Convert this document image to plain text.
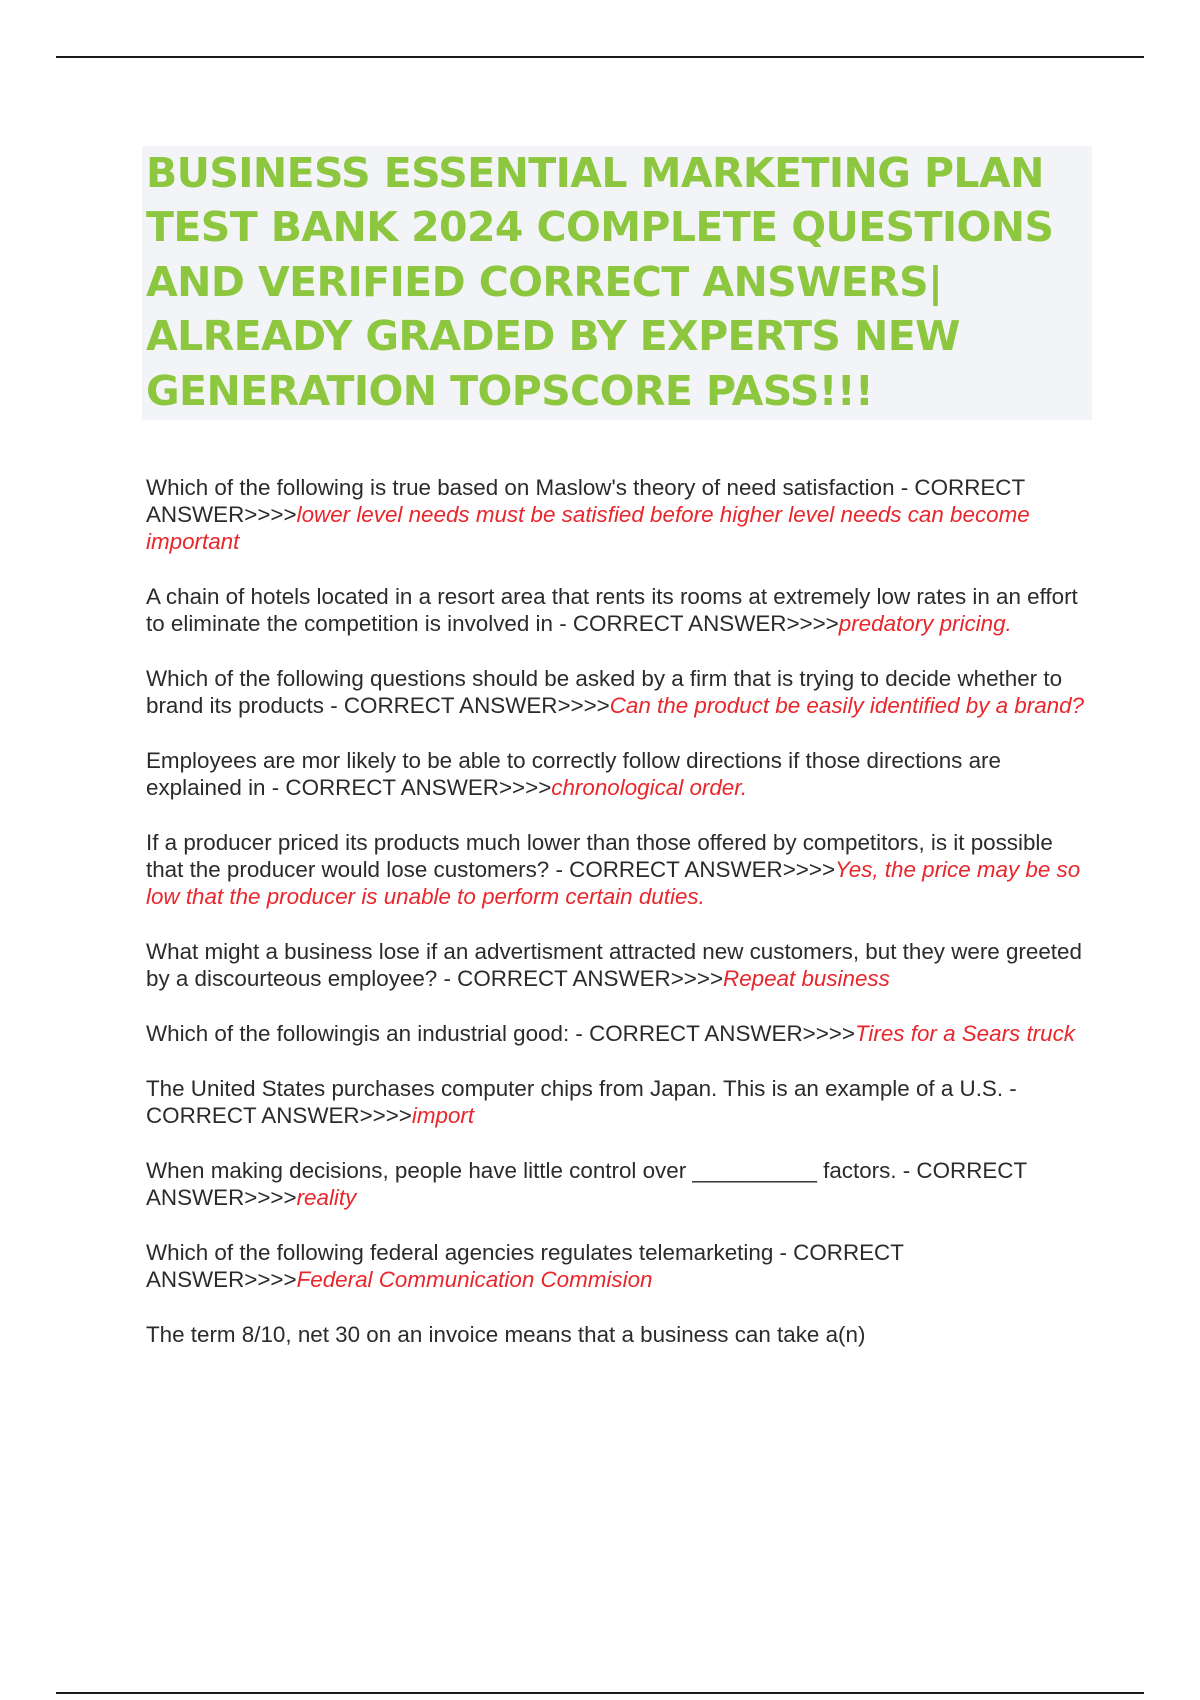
BUSINESS ESSENTIAL MARKETING PLAN TEST BANK 2024 COMPLETE QUESTIONS AND VERIFIED CORRECT ANSWERS| ALREADY GRADED BY EXPERTS NEW GENERATION TOPSCORE PASS!!!

Which of the following is true based on Maslow's theory of need satisfaction - CORRECT ANSWER>>>>lower level needs must be satisfied before higher level needs can become important

A chain of hotels located in a resort area that rents its rooms at extremely low rates in an effort to eliminate the competition is involved in - CORRECT ANSWER>>>>predatory pricing.

Which of the following questions should be asked by a firm that is trying to decide whether to brand its products - CORRECT ANSWER>>>>Can the product be easily identified by a brand?

Employees are mor likely to be able to correctly follow directions if those directions are explained in - CORRECT ANSWER>>>>chronological order.

If a producer priced its products much lower than those offered by competitors, is it possible that the producer would lose customers? - CORRECT ANSWER>>>>Yes, the price may be so low that the producer is unable to perform certain duties.

What might a business lose if an advertisment attracted new customers, but they were greeted by a discourteous employee? - CORRECT ANSWER>>>>Repeat business

Which of the followingis an industrial good: - CORRECT ANSWER>>>>Tires for a Sears truck

The United States purchases computer chips from Japan. This is an example of a U.S. - CORRECT ANSWER>>>>import

When making decisions, people have little control over __________ factors. - CORRECT ANSWER>>>>reality

Which of the following federal agencies regulates telemarketing - CORRECT ANSWER>>>>Federal Communication Commision

The term 8/10, net 30 on an invoice means that a business can take a(n)
